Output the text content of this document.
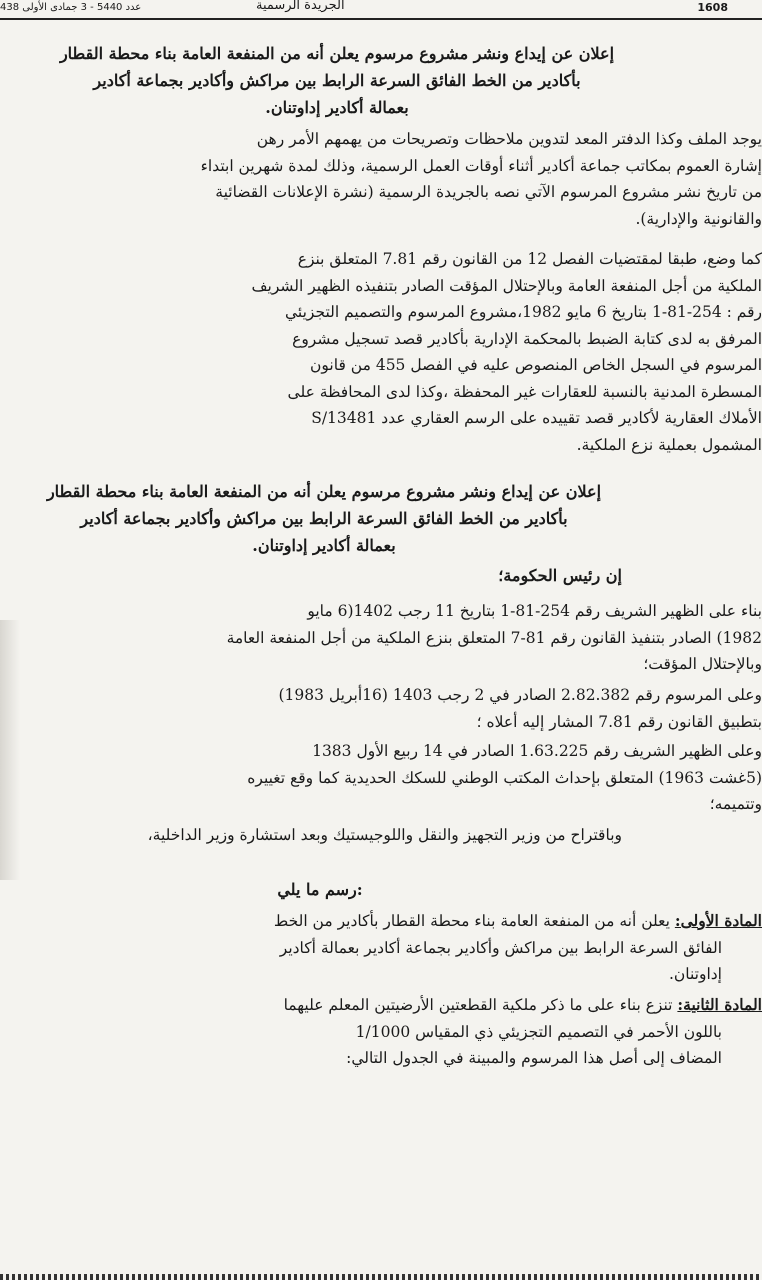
عدد 5440 - 3 جمادى الأولى 438	الجريدة الرسمية	1608
إعلان عن إيداع ونشر مشروع مرسوم يعلن أنه من المنفعة العامة بناء محطة القطار
بأكادير من الخط الفائق السرعة الرابط بين مراكش وأكادير بجماعة أكادير
بعمالة أكادير إداوتنان.
يوجد الملف وكذا الدفتر المعد لتدوين ملاحظات وتصريحات من يهمهم الأمر رهن
إشارة العموم بمكاتب جماعة أكادير أثناء أوقات العمل الرسمية، وذلك لمدة شهرين ابتداء
من تاريخ نشر مشروع المرسوم الآتي نصه بالجريدة الرسمية (نشرة الإعلانات القضائية
والقانونية والإدارية).
كما وضع، طبقا لمقتضيات الفصل 12 من القانون رقم 7.81 المتعلق بنزع
الملكية من أجل المنفعة العامة وبالإحتلال المؤقت الصادر بتنفيذه الظهير الشريف
رقم : 254-81-1 بتاريخ 6 مايو 1982،مشروع المرسوم والتصميم التجزيئي
المرفق به لدى كتابة الضبط بالمحكمة الإدارية بأكادير قصد تسجيل مشروع
المرسوم في السجل الخاص المنصوص عليه في الفصل 455 من قانون
المسطرة المدنية بالنسبة للعقارات غير المحفظة ،وكذا لدى المحافظة على
الأملاك العقارية لأكادير قصد تقييده على الرسم العقاري عدد S/13481
المشمول بعملية نزع الملكية.
إعلان عن إيداع ونشر مشروع مرسوم يعلن أنه من المنفعة العامة بناء محطة القطار
بأكادير من الخط الفائق السرعة الرابط بين مراكش وأكادير بجماعة أكادير
بعمالة أكادير إداوتنان.
إن رئيس الحكومة؛
بناء على الظهير الشريف رقم 254-81-1 بتاريخ 11 رجب 1402(6 مايو
1982) الصادر بتنفيذ القانون رقم 81-7 المتعلق بنزع الملكية من أجل المنفعة العامة
وبالإحتلال المؤقت؛
وعلى المرسوم رقم 2.82.382 الصادر في 2 رجب 1403 (16أبريل 1983)
بتطبيق القانون رقم 7.81 المشار إليه أعلاه ؛
وعلى الظهير الشريف رقم 1.63.225 الصادر في 14 ربيع الأول 1383
(5غشت 1963) المتعلق بإحداث المكتب الوطني للسكك الحديدية كما وقع تغييره
وتتميمه؛
وباقتراح من وزير التجهيز والنقل واللوجيستيك وبعد استشارة وزير الداخلية،
رسم ما يلي:
المادة الأولى: يعلن أنه من المنفعة العامة بناء محطة القطار بأكادير من الخط
الفائق السرعة الرابط بين مراكش وأكادير بجماعة أكادير بعمالة أكادير
إداوتنان.
المادة الثانية: تنزع بناء على ما ذكر ملكية القطعتين الأرضيتين المعلم عليهما
باللون الأحمر في التصميم التجزيئي ذي المقياس 1/1000
المضاف إلى أصل هذا المرسوم والمبينة في الجدول التالي:
